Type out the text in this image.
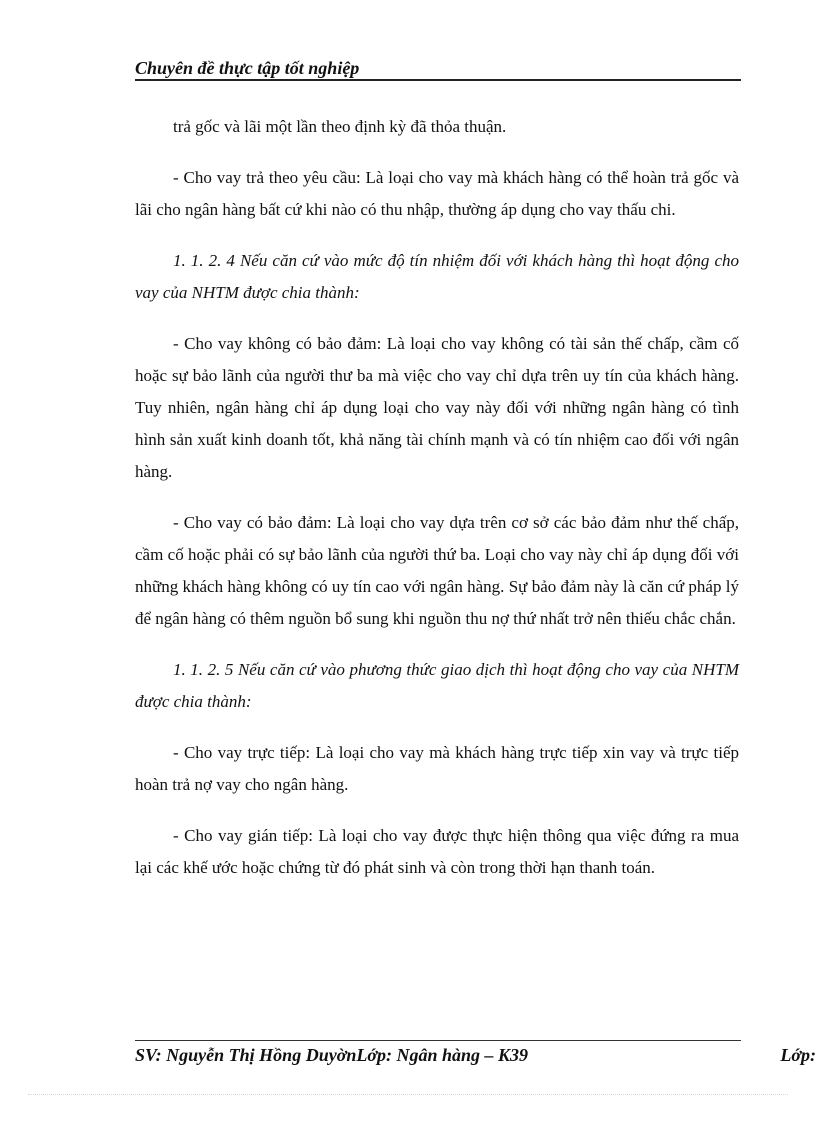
Chuyên đề thực tập tốt nghiệp

trả gốc và lãi một lần theo định kỳ đã thỏa thuận.

- Cho vay trả theo yêu cầu: Là loại cho vay mà khách hàng có thể hoàn trả gốc và lãi cho ngân hàng bất cứ khi nào có thu nhập, thường áp dụng cho vay thấu chi.

1. 1. 2. 4 Nếu căn cứ vào mức độ tín nhiệm đối với khách hàng thì hoạt động cho vay của NHTM được chia thành:

- Cho vay không có bảo đảm: Là loại cho vay không có tài sản thế chấp, cầm cố hoặc sự bảo lãnh của người thư ba mà việc cho vay chỉ dựa trên uy tín của khách hàng. Tuy nhiên, ngân hàng chỉ áp dụng loại cho vay này đối với những ngân hàng có tình hình sản xuất kinh doanh tốt, khả năng tài chính mạnh và có tín nhiệm cao đối với ngân hàng.

- Cho vay có bảo đảm: Là loại cho vay dựa trên cơ sở các bảo đảm như thế chấp, cầm cố hoặc phải có sự bảo lãnh của người thứ ba. Loại cho vay này chỉ áp dụng đối với những khách hàng không có uy tín cao với ngân hàng. Sự bảo đảm này là căn cứ pháp lý để ngân hàng có thêm nguồn bổ sung khi nguồn thu nợ thứ nhất trở nên thiếu chắc chắn.

1. 1. 2. 5 Nếu căn cứ vào phương thức giao dịch thì hoạt động cho vay của NHTM được chia thành:

- Cho vay trực tiếp: Là loại cho vay mà khách hàng trực tiếp xin vay và trực tiếp hoàn trả nợ vay cho ngân hàng.

- Cho vay gián tiếp: Là loại cho vay được thực hiện thông qua việc đứng ra mua lại các khế ước hoặc chứng từ đó phát sinh và còn trong thời hạn thanh toán.

SV: Nguyễn Thị Hồng DuyờnLớp: Ngân hàng – K39	Lớp:
